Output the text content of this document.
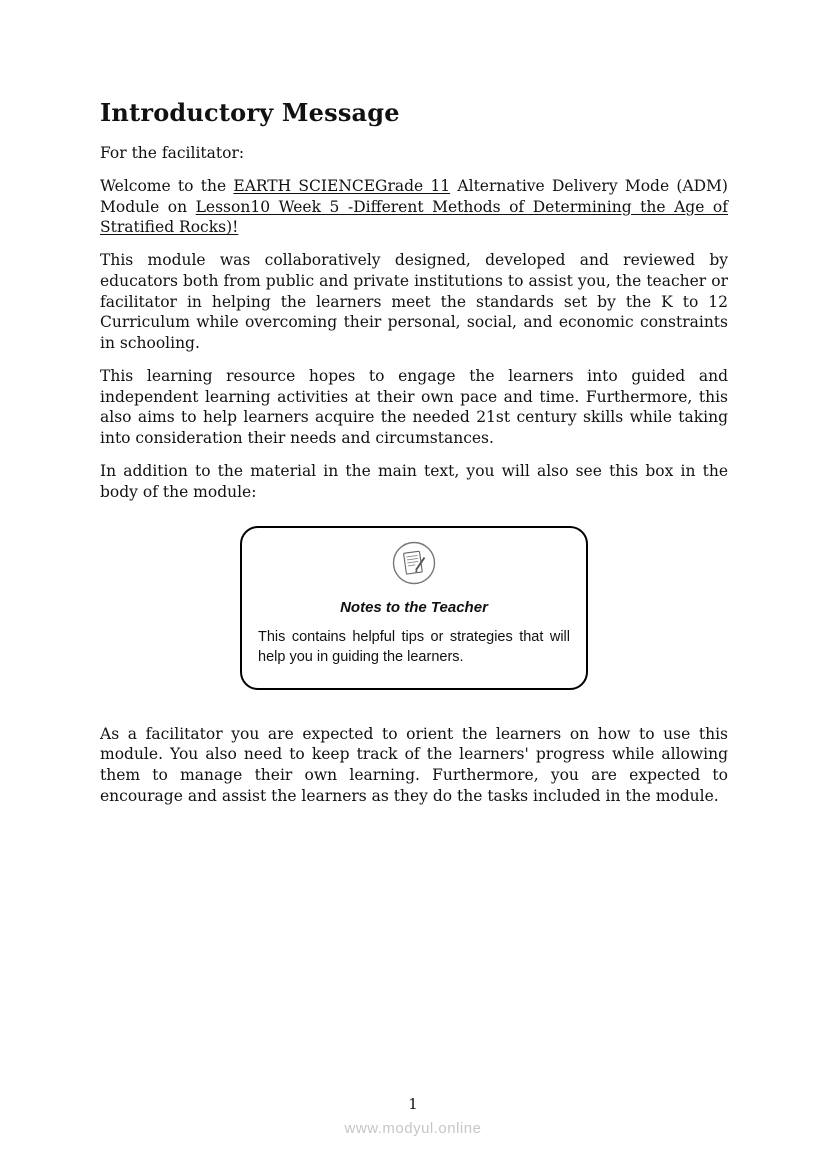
Introductory Message

For the facilitator:

Welcome to the EARTH SCIENCEGrade 11 Alternative Delivery Mode (ADM) Module on Lesson10 Week 5 -Different Methods of Determining the Age of Stratified Rocks)!

This module was collaboratively designed, developed and reviewed by educators both from public and private institutions to assist you, the teacher or facilitator in helping the learners meet the standards set by the K to 12 Curriculum while overcoming their personal, social, and economic constraints in schooling.

This learning resource hopes to engage the learners into guided and independent learning activities at their own pace and time. Furthermore, this also aims to help learners acquire the needed 21st century skills while taking into consideration their needs and circumstances.

In addition to the material in the main text, you will also see this box in the body of the module:

Notes to the Teacher

This contains helpful tips or strategies that will help you in guiding the learners.

As a facilitator you are expected to orient the learners on how to use this module. You also need to keep track of the learners' progress while allowing them to manage their own learning. Furthermore, you are expected to encourage and assist the learners as they do the tasks included in the module.

1
www.modyul.online
